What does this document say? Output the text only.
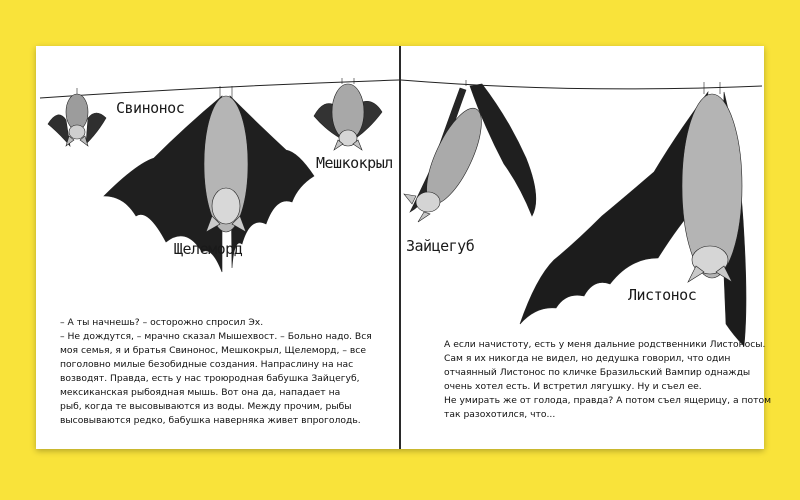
Свинонос
Мешкокрыл
Щелеморд	Зайцегуб
Листонос

– А ты начнешь? – осторожно спросил Эх.

– Не дождутся, – мрачно сказал Мышехвост. – Больно надо. Вся

моя семья, я и братья Свинонос, Мешкокрыл, Щелеморд, – все

поголовно милые безобидные создания. Напраслину на нас

возводят. Правда, есть у нас троюродная бабушка Зайцегуб,

мексиканская рыбоядная мышь. Вот она да, нападает на

рыб, когда те высовываются из воды. Между прочим, рыбы

высовываются редко, бабушка наверняка живет впроголодь.

А если начистоту, есть у меня дальние родственники Листоносы.

Сам я их никогда не видел, но дедушка говорил, что один

отчаянный Листонос по кличке Бразильский Вампир однажды

очень хотел есть. И встретил лягушку. Ну и съел ее.

Не умирать же от голода, правда? А потом съел ящерицу, а потом

так разохотился, что...
